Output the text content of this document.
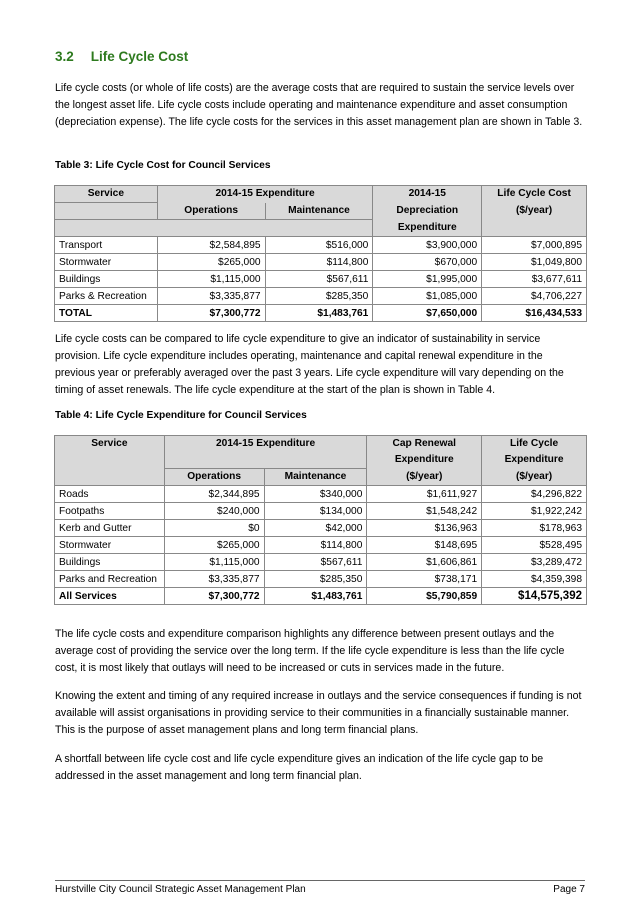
3.2 Life Cycle Cost

Life cycle costs (or whole of life costs) are the average costs that are required to sustain the service levels over the longest asset life. Life cycle costs include operating and maintenance expenditure and asset consumption (depreciation expense). The life cycle costs for the services in this asset management plan are shown in Table 3.

Table 3: Life Cycle Cost for Council Services
Service	2014-15 Expenditure		2014-15	Life Cycle Cost
	Operations	Maintenance	Depreciation	($/year)
			Expenditure	
Transport	$2,584,895	$516,000	$3,900,000	$7,000,895
Stormwater	$265,000	$114,800	$670,000	$1,049,800
Buildings	$1,115,000	$567,611	$1,995,000	$3,677,611
Parks & Recreation	$3,335,877	$285,350	$1,085,000	$4,706,227
TOTAL	$7,300,772	$1,483,761	$7,650,000	$16,434,533

Life cycle costs can be compared to life cycle expenditure to give an indicator of sustainability in service provision. Life cycle expenditure includes operating, maintenance and capital renewal expenditure in the previous year or preferably averaged over the past 3 years. Life cycle expenditure will vary depending on the timing of asset renewals. The life cycle expenditure at the start of the plan is shown in Table 4.

Table 4: Life Cycle Expenditure for Council Services
Service	2014-15 Expenditure		Cap Renewal	Life Cycle
			Expenditure	Expenditure
	Operations	Maintenance	($/year)	($/year)
Roads	$2,344,895	$340,000	$1,611,927	$4,296,822
Footpaths	$240,000	$134,000	$1,548,242	$1,922,242
Kerb and Gutter	$0	$42,000	$136,963	$178,963
Stormwater	$265,000	$114,800	$148,695	$528,495
Buildings	$1,115,000	$567,611	$1,606,861	$3,289,472
Parks and Recreation	$3,335,877	$285,350	$738,171	$4,359,398
All Services	$7,300,772	$1,483,761	$5,790,859	$14,575,392

The life cycle costs and expenditure comparison highlights any difference between present outlays and the average cost of providing the service over the long term. If the life cycle expenditure is less than the life cycle cost, it is most likely that outlays will need to be increased or cuts in services made in the future.

Knowing the extent and timing of any required increase in outlays and the service consequences if funding is not available will assist organisations in providing service to their communities in a financially sustainable manner. This is the purpose of asset management plans and long term financial plans.

A shortfall between life cycle cost and life cycle expenditure gives an indication of the life cycle gap to be addressed in the asset management and long term financial plan.

Hurstville City Council Strategic Asset Management Plan	Page 7
